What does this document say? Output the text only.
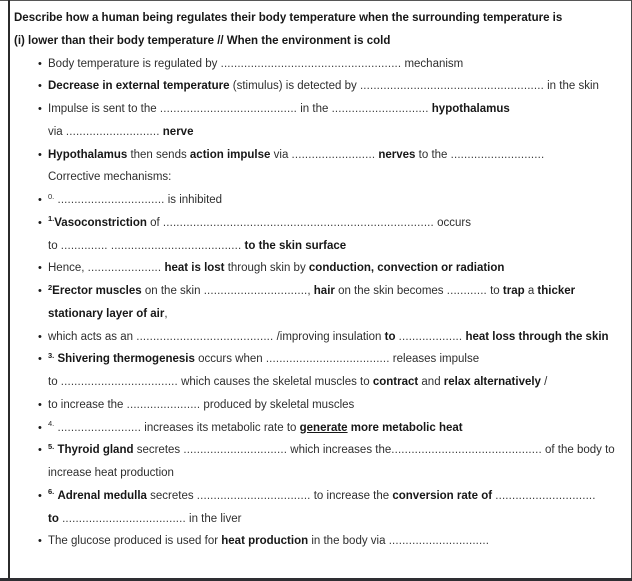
Describe how a human being regulates their body temperature when the surrounding temperature is
(i) lower than their body temperature // When the environment is cold
• Body temperature is regulated by ...................................................... mechanism
• Decrease in external temperature (stimulus) is detected by ....................................................... in the skin
• Impulse is sent to the ......................................... in the ............................. hypothalamus
via ............................ nerve
• Hypothalamus then sends action impulse via ......................... nerves to the ............................
Corrective mechanisms:
• $^{0.}$ ................................ is inhibited
• $^{1.}$Vasoconstriction of ................................................................................. occurs
to .............. ....................................... to the skin surface
• Hence, ...................... heat is lost through skin by conduction, convection or radiation
• $^2$Erector muscles on the skin ..............................., hair on the skin becomes ............ to trap a thicker
stationary layer of air,
• which acts as an ......................................... /improving insulation to ................... heat loss through the skin
• $^{3.}$ Shivering thermogenesis occurs when ..................................... releases impulse
to ................................... which causes the skeletal muscles to contract and relax alternatively /
• to increase the ...................... produced by skeletal muscles
• $^{4.}$ ......................... increases its metabolic rate to generate more metabolic heat
• $^{5.}$ Thyroid gland secretes ............................... which increases the............................................. of the body to
increase heat production
• $^{6.}$ Adrenal medulla secretes .................................. to increase the conversion rate of ..............................
to ..................................... in the liver
• The glucose produced is used for heat production in the body via ..............................
